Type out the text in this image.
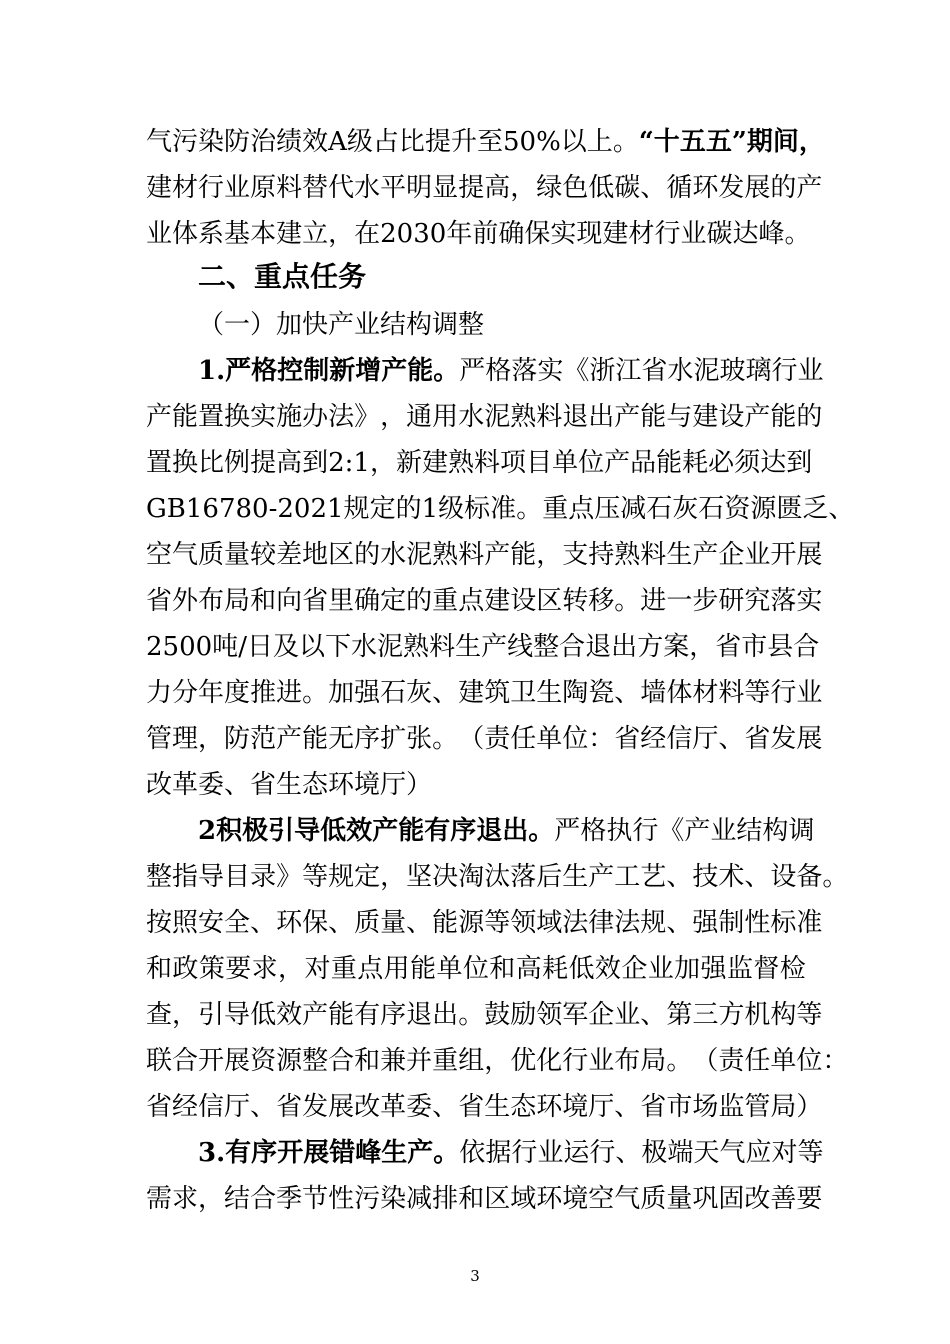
气 污 染 防 治 绩 效 A 级 占 比 提 升 至 50% 以 上 。 “ 十 五 五 ” 期 间 ，
建 材 行 业 原 料 替 代 水 平 明 显 提 高 ， 绿 色 低 碳 、 循 环 发 展 的 产
业 体 系 基 本 建 立 ， 在 2030 年 前 确 保 实 现 建 材 行 业 碳 达 峰 。
二、重点任务
（一）加快产业结构调整
1. 严 格 控 制 新 增 产 能 。 严 格 落 实 《 浙 江 省 水 泥 玻 璃 行 业
产 能 置 换 实 施 办 法 》 ， 通 用 水 泥 熟 料 退 出 产 能 与 建 设 产 能 的
置 换 比 例 提 高 到 2: 1 ， 新 建 熟 料 项 目 单 位 产 品 能 耗 必 须 达 到
GB16780-2021 规 定 的 1 级 标 准 。 重 点 压 减 石 灰 石 资 源 匮 乏 、
空 气 质 量 较 差 地 区 的 水 泥 熟 料 产 能 ， 支 持 熟 料 生 产 企 业 开 展
省 外 布 局 和 向 省 里 确 定 的 重 点 建 设 区 转 移 。 进 一 步 研 究 落 实
2500 吨 / 日 及 以 下 水 泥 熟 料 生 产 线 整 合 退 出 方 案 ， 省 市 县 合
力 分 年 度 推 进 。 加 强 石 灰 、 建 筑 卫 生 陶 瓷 、 墙 体 材 料 等 行 业
管 理 ， 防 范 产 能 无 序 扩 张 。 （ 责 任 单 位 ： 省 经 信 厅 、 省 发 展
改革委、省生态环境厅）
2 积 极 引 导 低 效 产 能 有 序 退 出 。 严 格 执 行 《 产 业 结 构 调
整 指 导 目 录 》 等 规 定 ， 坚 决 淘 汰 落 后 生 产 工 艺 、 技 术 、 设 备 。
按 照 安 全 、 环 保 、 质 量 、 能 源 等 领 域 法 律 法 规 、 强 制 性 标 准
和 政 策 要 求 ， 对 重 点 用 能 单 位 和 高 耗 低 效 企 业 加 强 监 督 检
查 ， 引 导 低 效 产 能 有 序 退 出 。 鼓 励 领 军 企 业 、 第 三 方 机 构 等
联 合 开 展 资 源 整 合 和 兼 并 重 组 ， 优 化 行 业 布 局 。 （ 责 任 单 位 ：
省 经 信 厅 、 省 发 展 改 革 委 、 省 生 态 环 境 厅 、 省 市 场 监 管 局 ）
3. 有 序 开 展 错 峰 生 产 。 依 据 行 业 运 行 、 极 端 天 气 应 对 等
需 求 ， 结 合 季 节 性 污 染 减 排 和 区 域 环 境 空 气 质 量 巩 固 改 善 要
3
